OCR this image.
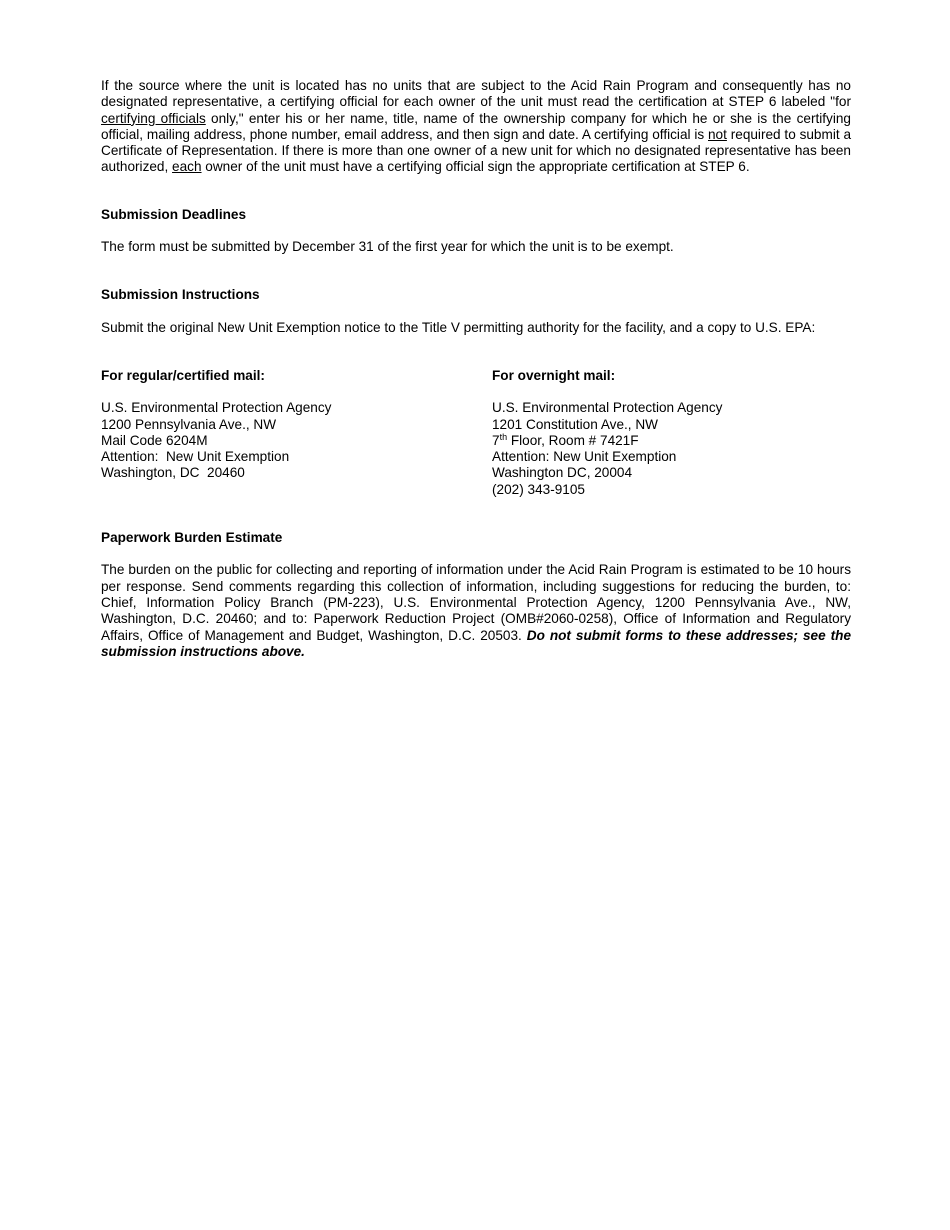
If the source where the unit is located has no units that are subject to the Acid Rain Program and consequently has no designated representative, a certifying official for each owner of the unit must read the certification at STEP 6 labeled "for certifying officials only," enter his or her name, title, name of the ownership company for which he or she is the certifying official, mailing address, phone number, email address, and then sign and date. A certifying official is not required to submit a Certificate of Representation. If there is more than one owner of a new unit for which no designated representative has been authorized, each owner of the unit must have a certifying official sign the appropriate certification at STEP 6.

Submission Deadlines

The form must be submitted by December 31 of the first year for which the unit is to be exempt.

Submission Instructions

Submit the original New Unit Exemption notice to the Title V permitting authority for the facility, and a copy to U.S. EPA:

For regular/certified mail:
U.S. Environmental Protection Agency
1200 Pennsylvania Ave., NW
Mail Code 6204M
Attention:  New Unit Exemption
Washington, DC  20460
For overnight mail:
U.S. Environmental Protection Agency
1201 Constitution Ave., NW
7th Floor, Room # 7421F
Attention: New Unit Exemption
Washington DC, 20004
(202) 343-9105
Paperwork Burden Estimate

The burden on the public for collecting and reporting of information under the Acid Rain Program is estimated to be 10 hours per response. Send comments regarding this collection of information, including suggestions for reducing the burden, to: Chief, Information Policy Branch (PM-223), U.S. Environmental Protection Agency, 1200 Pennsylvania Ave., NW, Washington, D.C. 20460; and to: Paperwork Reduction Project (OMB#2060-0258), Office of Information and Regulatory Affairs, Office of Management and Budget, Washington, D.C. 20503. Do not submit forms to these addresses; see the submission instructions above.
